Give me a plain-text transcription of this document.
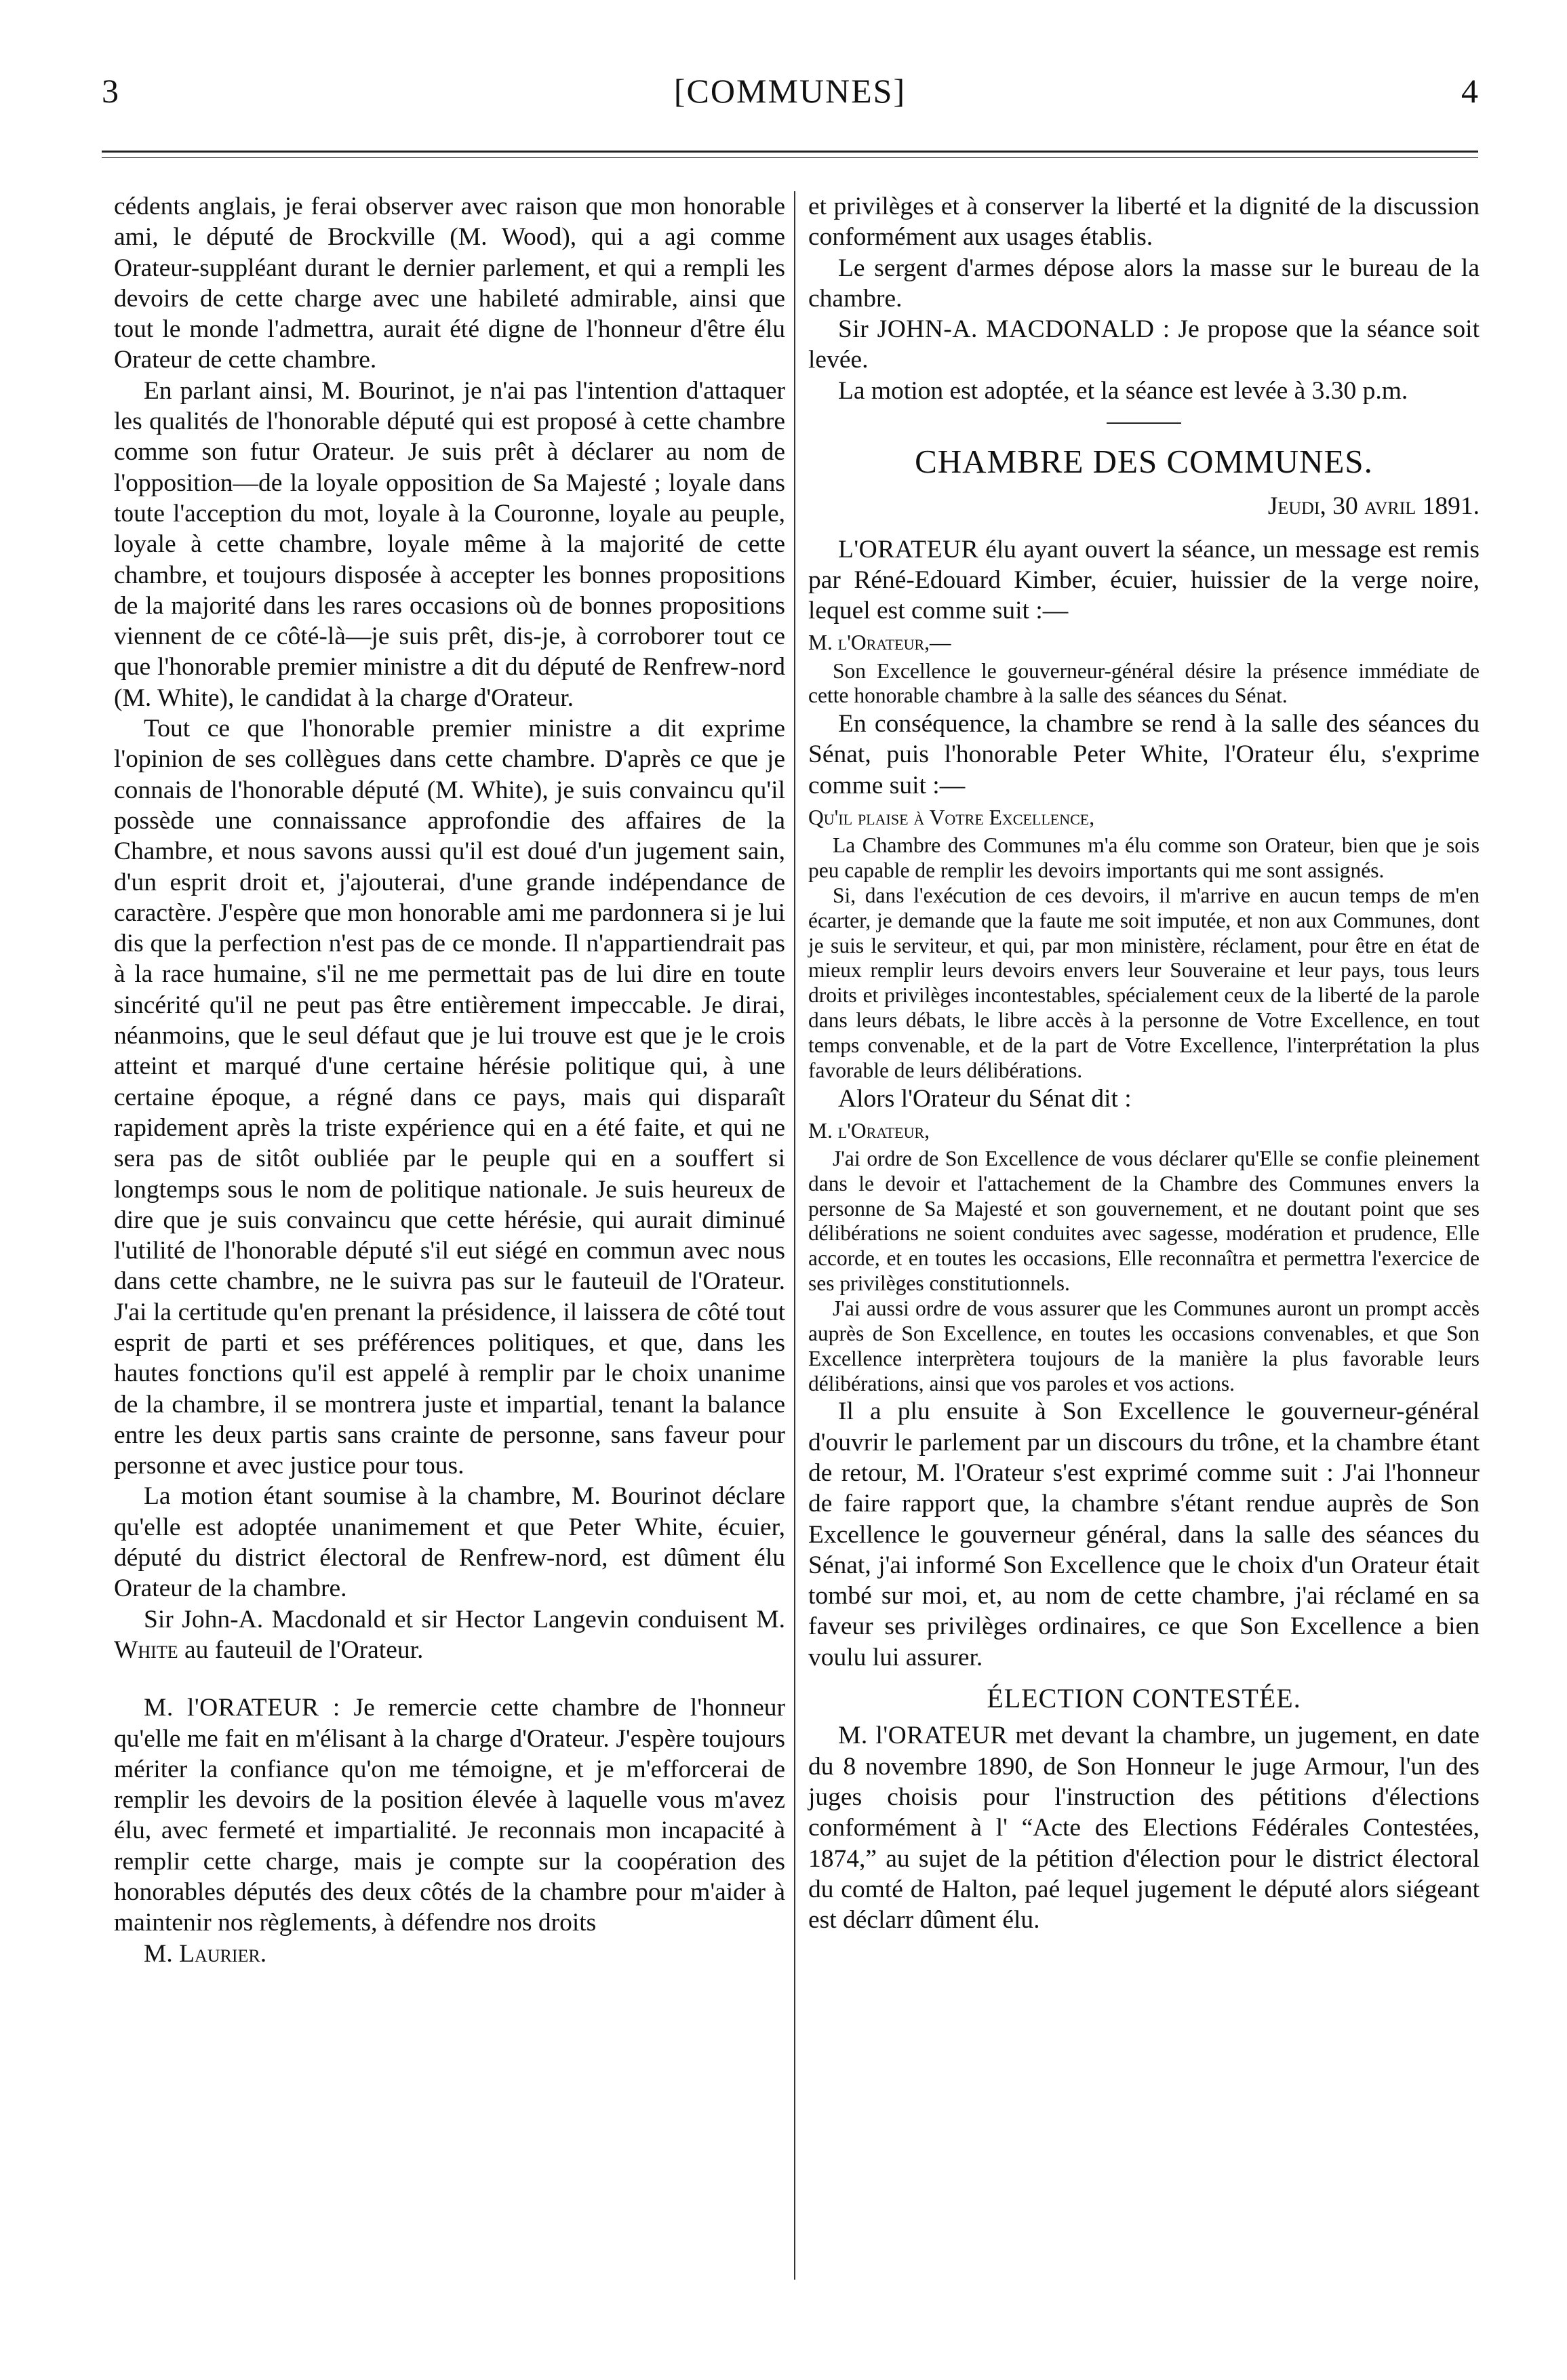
3	[COMMUNES]	4

cédents anglais, je ferai observer avec raison que mon honorable ami, le député de Brockville (M. Wood), qui a agi comme Orateur-suppléant durant le dernier parlement, et qui a rempli les devoirs de cette charge avec une habileté admirable, ainsi que tout le monde l'admettra, aurait été digne de l'honneur d'être élu Orateur de cette chambre.

En parlant ainsi, M. Bourinot, je n'ai pas l'intention d'attaquer les qualités de l'honorable député qui est proposé à cette chambre comme son futur Orateur. Je suis prêt à déclarer au nom de l'opposition—de la loyale opposition de Sa Majesté ; loyale dans toute l'acception du mot, loyale à la Couronne, loyale au peuple, loyale à cette chambre, loyale même à la majorité de cette chambre, et toujours disposée à accepter les bonnes propositions de la majorité dans les rares occasions où de bonnes propositions viennent de ce côté-là—je suis prêt, dis-je, à corroborer tout ce que l'honorable premier ministre a dit du député de Renfrew-nord (M. White), le candidat à la charge d'Orateur.

Tout ce que l'honorable premier ministre a dit exprime l'opinion de ses collègues dans cette chambre. D'après ce que je connais de l'honorable député (M. White), je suis convaincu qu'il possède une connaissance approfondie des affaires de la Chambre, et nous savons aussi qu'il est doué d'un jugement sain, d'un esprit droit et, j'ajouterai, d'une grande indépendance de caractère. J'espère que mon honorable ami me pardonnera si je lui dis que la perfection n'est pas de ce monde. Il n'appartiendrait pas à la race humaine, s'il ne me permettait pas de lui dire en toute sincérité qu'il ne peut pas être entièrement impeccable. Je dirai, néanmoins, que le seul défaut que je lui trouve est que je le crois atteint et marqué d'une certaine hérésie politique qui, à une certaine époque, a régné dans ce pays, mais qui disparaît rapidement après la triste expérience qui en a été faite, et qui ne sera pas de sitôt oubliée par le peuple qui en a souffert si longtemps sous le nom de politique nationale. Je suis heureux de dire que je suis convaincu que cette hérésie, qui aurait diminué l'utilité de l'honorable député s'il eut siégé en commun avec nous dans cette chambre, ne le suivra pas sur le fauteuil de l'Orateur. J'ai la certitude qu'en prenant la présidence, il laissera de côté tout esprit de parti et ses préférences politiques, et que, dans les hautes fonctions qu'il est appelé à remplir par le choix unanime de la chambre, il se montrera juste et impartial, tenant la balance entre les deux partis sans crainte de personne, sans faveur pour personne et avec justice pour tous.

La motion étant soumise à la chambre, M. Bourinot déclare qu'elle est adoptée unanimement et que Peter White, écuier, député du district électoral de Renfrew-nord, est dûment élu Orateur de la chambre.

Sir John-A. Macdonald et sir Hector Langevin conduisent M. White au fauteuil de l'Orateur.

M. l'ORATEUR : Je remercie cette chambre de l'honneur qu'elle me fait en m'élisant à la charge d'Orateur. J'espère toujours mériter la confiance qu'on me témoigne, et je m'efforcerai de remplir les devoirs de la position élevée à laquelle vous m'avez élu, avec fermeté et impartialité. Je reconnais mon incapacité à remplir cette charge, mais je compte sur la coopération des honorables députés des deux côtés de la chambre pour m'aider à maintenir nos règlements, à défendre nos droits

M. Laurier.

et privilèges et à conserver la liberté et la dignité de la discussion conformément aux usages établis.

Le sergent d'armes dépose alors la masse sur le bureau de la chambre.

Sir JOHN-A. MACDONALD : Je propose que la séance soit levée.

La motion est adoptée, et la séance est levée à 3.30 p.m.

CHAMBRE DES COMMUNES.

Jeudi, 30 avril 1891.

L'ORATEUR élu ayant ouvert la séance, un message est remis par Réné-Edouard Kimber, écuier, huissier de la verge noire, lequel est comme suit :—

M. l'Orateur,—

Son Excellence le gouverneur-général désire la présence immédiate de cette honorable chambre à la salle des séances du Sénat.

En conséquence, la chambre se rend à la salle des séances du Sénat, puis l'honorable Peter White, l'Orateur élu, s'exprime comme suit :—

Qu'il plaise à Votre Excellence,

La Chambre des Communes m'a élu comme son Orateur, bien que je sois peu capable de remplir les devoirs importants qui me sont assignés.

Si, dans l'exécution de ces devoirs, il m'arrive en aucun temps de m'en écarter, je demande que la faute me soit imputée, et non aux Communes, dont je suis le serviteur, et qui, par mon ministère, réclament, pour être en état de mieux remplir leurs devoirs envers leur Souveraine et leur pays, tous leurs droits et privilèges incontestables, spécialement ceux de la liberté de la parole dans leurs débats, le libre accès à la personne de Votre Excellence, en tout temps convenable, et de la part de Votre Excellence, l'interprétation la plus favorable de leurs délibérations.

Alors l'Orateur du Sénat dit :

M. l'Orateur,

J'ai ordre de Son Excellence de vous déclarer qu'Elle se confie pleinement dans le devoir et l'attachement de la Chambre des Communes envers la personne de Sa Majesté et son gouvernement, et ne doutant point que ses délibérations ne soient conduites avec sagesse, modération et prudence, Elle accorde, et en toutes les occasions, Elle reconnaîtra et permettra l'exercice de ses privilèges constitutionnels.

J'ai aussi ordre de vous assurer que les Communes auront un prompt accès auprès de Son Excellence, en toutes les occasions convenables, et que Son Excellence interprètera toujours de la manière la plus favorable leurs délibérations, ainsi que vos paroles et vos actions.

Il a plu ensuite à Son Excellence le gouverneur-général d'ouvrir le parlement par un discours du trône, et la chambre étant de retour, M. l'Orateur s'est exprimé comme suit : J'ai l'honneur de faire rapport que, la chambre s'étant rendue auprès de Son Excellence le gouverneur général, dans la salle des séances du Sénat, j'ai informé Son Excellence que le choix d'un Orateur était tombé sur moi, et, au nom de cette chambre, j'ai réclamé en sa faveur ses privilèges ordinaires, ce que Son Excellence a bien voulu lui assurer.

ÉLECTION CONTESTÉE.

M. l'ORATEUR met devant la chambre, un jugement, en date du 8 novembre 1890, de Son Honneur le juge Armour, l'un des juges choisis pour l'instruction des pétitions d'élections conformément à l' “Acte des Elections Fédérales Contestées, 1874,” au sujet de la pétition d'élection pour le district électoral du comté de Halton, paé lequel jugement le député alors siégeant est déclarr dûment élu.
